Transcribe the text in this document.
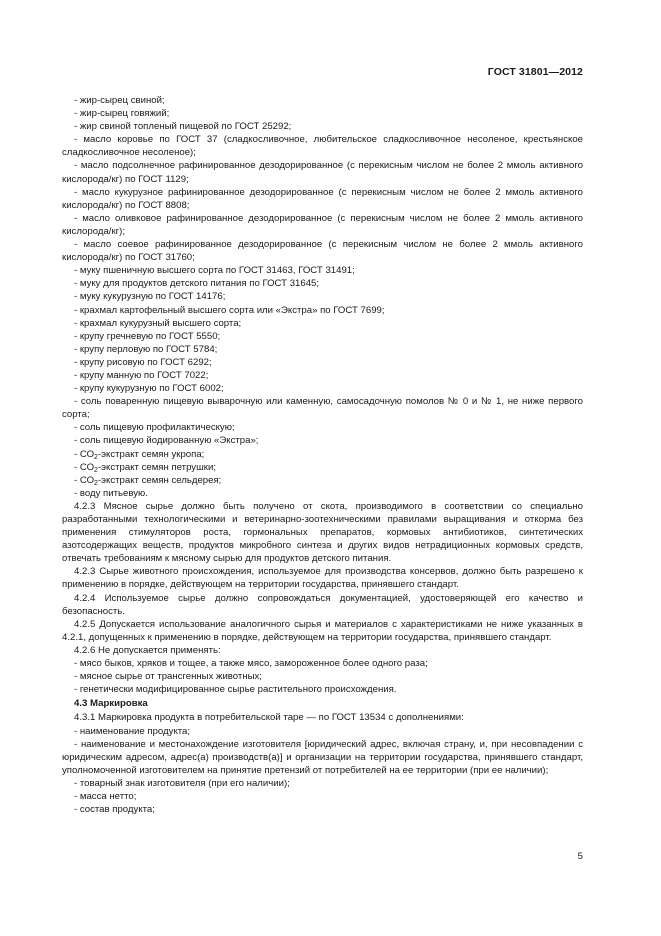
ГОСТ 31801—2012

- жир-сырец свиной;

- жир-сырец говяжий;

- жир свиной топленый пищевой по ГОСТ 25292;

- масло коровье по ГОСТ 37 (сладкосливочное, любительское сладкосливочное несоленое, крестьянское сладкосливочное несоленое);

- масло подсолнечное рафинированное дезодорированное (с перекисным числом не более 2 ммоль активного кислорода/кг) по ГОСТ 1129;

- масло кукурузное рафинированное дезодорированное (с перекисным числом не более 2 ммоль активного кислорода/кг) по ГОСТ 8808;

- масло оливковое рафинированное дезодорированное (с перекисным числом не более 2 ммоль активного кислорода/кг);

- масло соевое рафинированное дезодорированное (с перекисным числом не более 2 ммоль активного кислорода/кг) по ГОСТ 31760;

- муку пшеничную высшего сорта по ГОСТ 31463, ГОСТ 31491;

- муку для продуктов детского питания по ГОСТ 31645;

- муку кукурузную по ГОСТ 14176;

- крахмал картофельный высшего сорта или «Экстра» по ГОСТ 7699;

- крахмал кукурузный высшего сорта;

- крупу гречневую по ГОСТ 5550;

- крупу перловую по ГОСТ 5784;

- крупу рисовую по ГОСТ 6292;

- крупу манную по ГОСТ 7022;

- крупу кукурузную по ГОСТ 6002;

- соль поваренную пищевую выварочную или каменную, самосадочную помолов № 0 и № 1, не ниже первого сорта;

- соль пищевую профилактическую;

- соль пищевую йодированную «Экстра»;

- $СО_2$-экстракт семян укропа;

- $СО_2$-экстракт семян петрушки;

- $СО_2$-экстракт семян сельдерея;

- воду питьевую.

4.2.3 Мясное сырье должно быть получено от скота, производимого в соответствии со специально разработанными технологическими и ветеринарно-зоотехническими правилами выращивания и откорма без применения стимуляторов роста, гормональных препаратов, кормовых антибиотиков, синтетических азотсодержащих веществ, продуктов микробного синтеза и других видов нетрадиционных кормовых средств, отвечать требованиям к мясному сырью для продуктов детского питания.

4.2.3 Сырье животного происхождения, используемое для производства консервов, должно быть разрешено к применению в порядке, действующем на территории государства, принявшего стандарт.

4.2.4 Используемое сырье должно сопровождаться документацией, удостоверяющей его качество и безопасность.

4.2.5 Допускается использование аналогичного сырья и материалов с характеристиками не ниже указанных в 4.2.1, допущенных к применению в порядке, действующем на территории государства, принявшего стандарт.

4.2.6 Не допускается применять:

- мясо быков, хряков и тощее, а также мясо, замороженное более одного раза;

- мясное сырье от трансгенных животных;

- генетически модифицированное сырье растительного происхождения.

4.3 Маркировка

4.3.1 Маркировка продукта в потребительской таре — по ГОСТ 13534 с дополнениями:

- наименование продукта;

- наименование и местонахождение изготовителя [юридический адрес, включая страну, и, при несовпадении с юридическим адресом, адрес(а) производств(а)] и организации на территории государства, принявшего стандарт, уполномоченной изготовителем на принятие претензий от потребителей на ее территории (при ее наличии);

- товарный знак изготовителя (при его наличии);

- масса нетто;

- состав продукта;

5
